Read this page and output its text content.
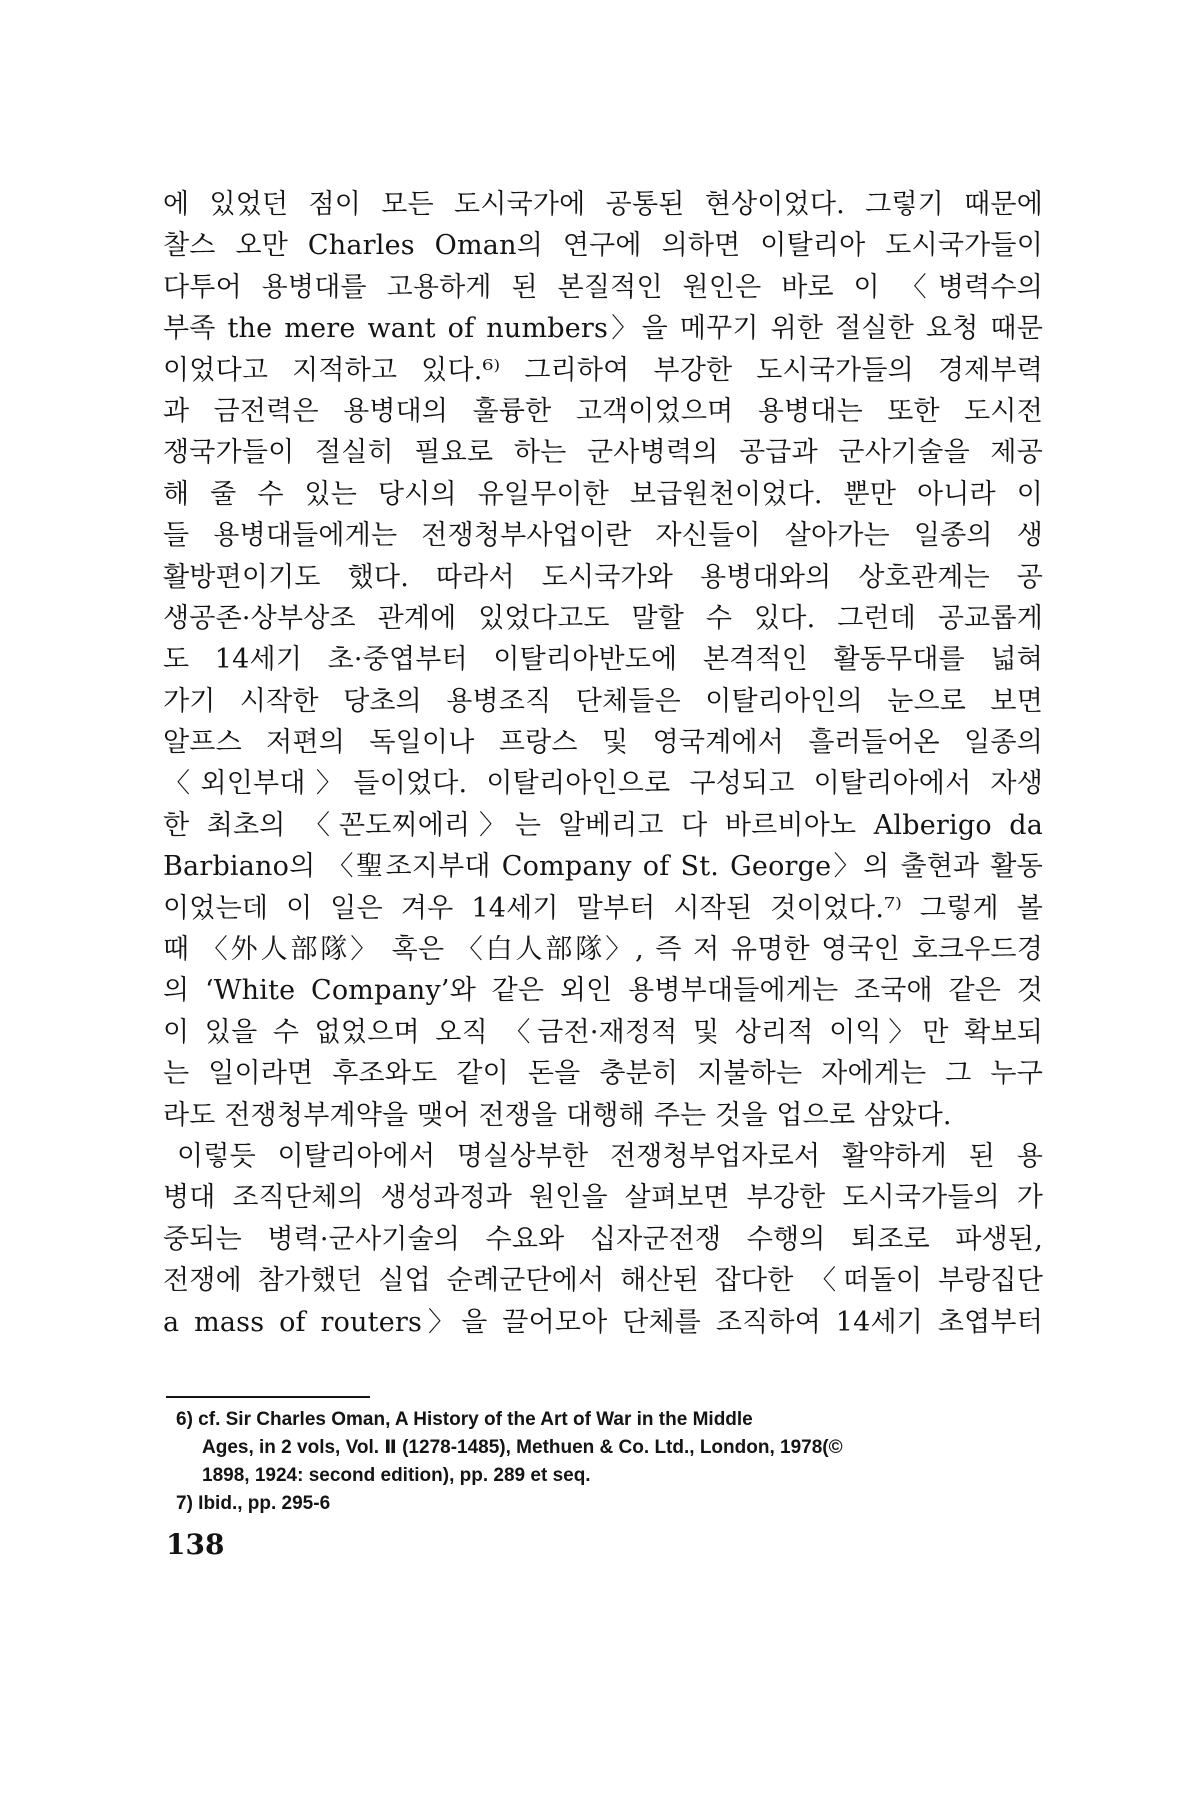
에 있었던 점이 모든 도시국가에 공통된 현상이었다. 그렇기 때문에
찰스 오만 Charles Oman의 연구에 의하면 이탈리아 도시국가들이
다투어 용병대를 고용하게 된 본질적인 원인은 바로 이 〈병력수의
부족 the mere want of numbers〉을 메꾸기 위한 절실한 요청 때문
이었다고 지적하고 있다.⁶⁾ 그리하여 부강한 도시국가들의 경제부력
과 금전력은 용병대의 훌륭한 고객이었으며 용병대는 또한 도시전
쟁국가들이 절실히 필요로 하는 군사병력의 공급과 군사기술을 제공
해 줄 수 있는 당시의 유일무이한 보급원천이었다. 뿐만 아니라 이
들 용병대들에게는 전쟁청부사업이란 자신들이 살아가는 일종의 생
활방편이기도 했다. 따라서 도시국가와 용병대와의 상호관계는 공
생공존·상부상조 관계에 있었다고도 말할 수 있다. 그런데 공교롭게
도 14세기 초·중엽부터 이탈리아반도에 본격적인 활동무대를 넓혀
가기 시작한 당초의 용병조직 단체들은 이탈리아인의 눈으로 보면
알프스 저편의 독일이나 프랑스 및 영국계에서 흘러들어온 일종의
〈외인부대〉들이었다. 이탈리아인으로 구성되고 이탈리아에서 자생
한 최초의 〈꼰도찌에리〉는 알베리고 다 바르비아노 Alberigo da
Barbiano의 〈聖조지부대 Company of St. George〉의 출현과 활동
이었는데 이 일은 겨우 14세기 말부터 시작된 것이었다.⁷⁾ 그렇게 볼
때 〈外人部隊〉 혹은 〈白人部隊〉, 즉 저 유명한 영국인 호크우드경
의 ‘White Company’와 같은 외인 용병부대들에게는 조국애 같은 것
이 있을 수 없었으며 오직 〈금전·재정적 및 상리적 이익〉만 확보되
는 일이라면 후조와도 같이 돈을 충분히 지불하는 자에게는 그 누구
라도 전쟁청부계약을 맺어 전쟁을 대행해 주는 것을 업으로 삼았다.
이렇듯 이탈리아에서 명실상부한 전쟁청부업자로서 활약하게 된 용
병대 조직단체의 생성과정과 원인을 살펴보면 부강한 도시국가들의 가
중되는 병력·군사기술의 수요와 십자군전쟁 수행의 퇴조로 파생된,
전쟁에 참가했던 실업 순례군단에서 해산된 잡다한 〈떠돌이 부랑집단
a mass of routers〉을 끌어모아 단체를 조직하여 14세기 초엽부터
6) cf. Sir Charles Oman, A History of the Art of War in the Middle
Ages, in 2 vols, Vol. Ⅱ (1278-1485), Methuen & Co. Ltd., London, 1978(©
1898, 1924: second edition), pp. 289 et seq.
7) Ibid., pp. 295-6
138
